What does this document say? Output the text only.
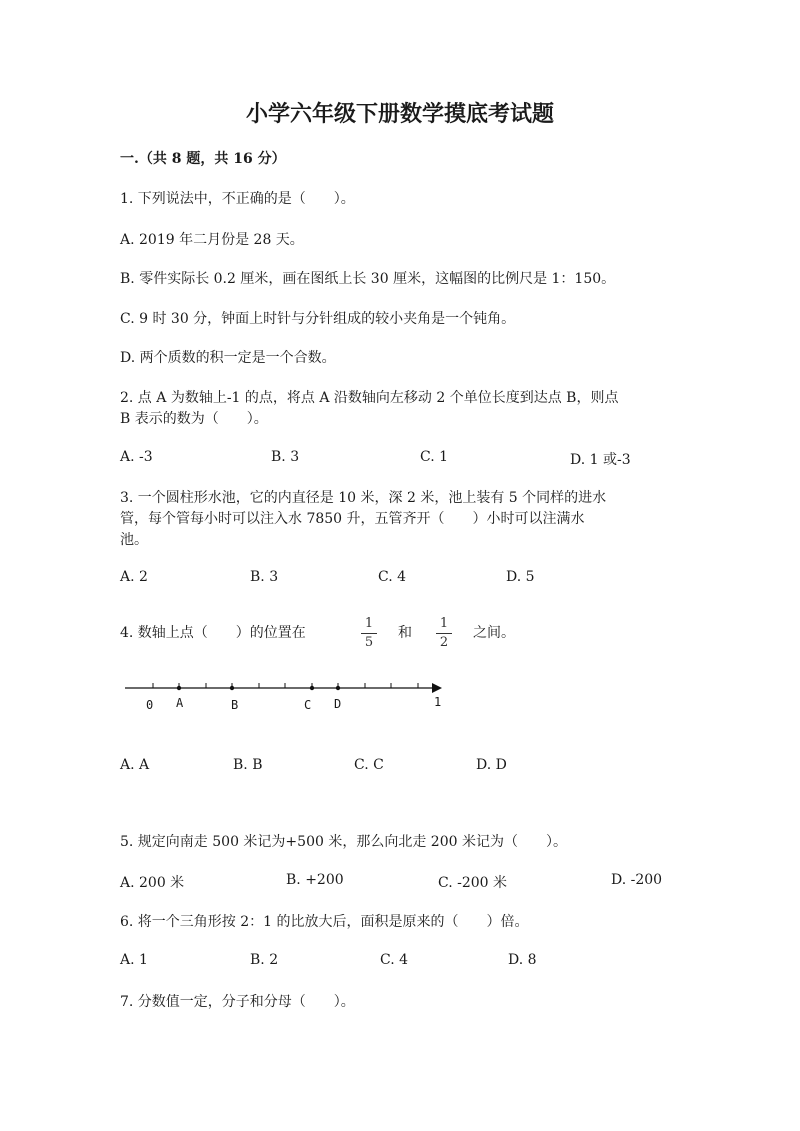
小学六年级下册数学摸底考试题
一.（共 8 题，共 16 分）
1. 下列说法中，不正确的是（　　）。
A. 2019 年二月份是 28 天。
B. 零件实际长 0.2 厘米，画在图纸上长 30 厘米，这幅图的比例尺是 1：150。
C. 9 时 30 分，钟面上时针与分针组成的较小夹角是一个钝角。
D. 两个质数的积一定是一个合数。
2. 点 A 为数轴上-1 的点，将点 A 沿数轴向左移动 2 个单位长度到达点 B，则点
B 表示的数为（　　）。
A. -3	B. 3	C. 1	D. 1 或-3
3. 一个圆柱形水池，它的内直径是 10 米，深 2 米，池上装有 5 个同样的进水
管，每个管每小时可以注入水 7850 升，五管齐开（　　）小时可以注满水
池。
A. 2	B. 3	C. 4	D. 5
4. 数轴上点（　　）的位置在
1
5
和
1
2
之间。
0 A	B	C D	1
A. A	B. B	C. C	D. D
5. 规定向南走 500 米记为+500 米，那么向北走 200 米记为（　　）。
A. 200 米	B. +200	C. -200 米	D. -200
6. 将一个三角形按 2：1 的比放大后，面积是原来的（　　）倍。
A. 1	B. 2	C. 4	D. 8
7. 分数值一定，分子和分母（　　）。
